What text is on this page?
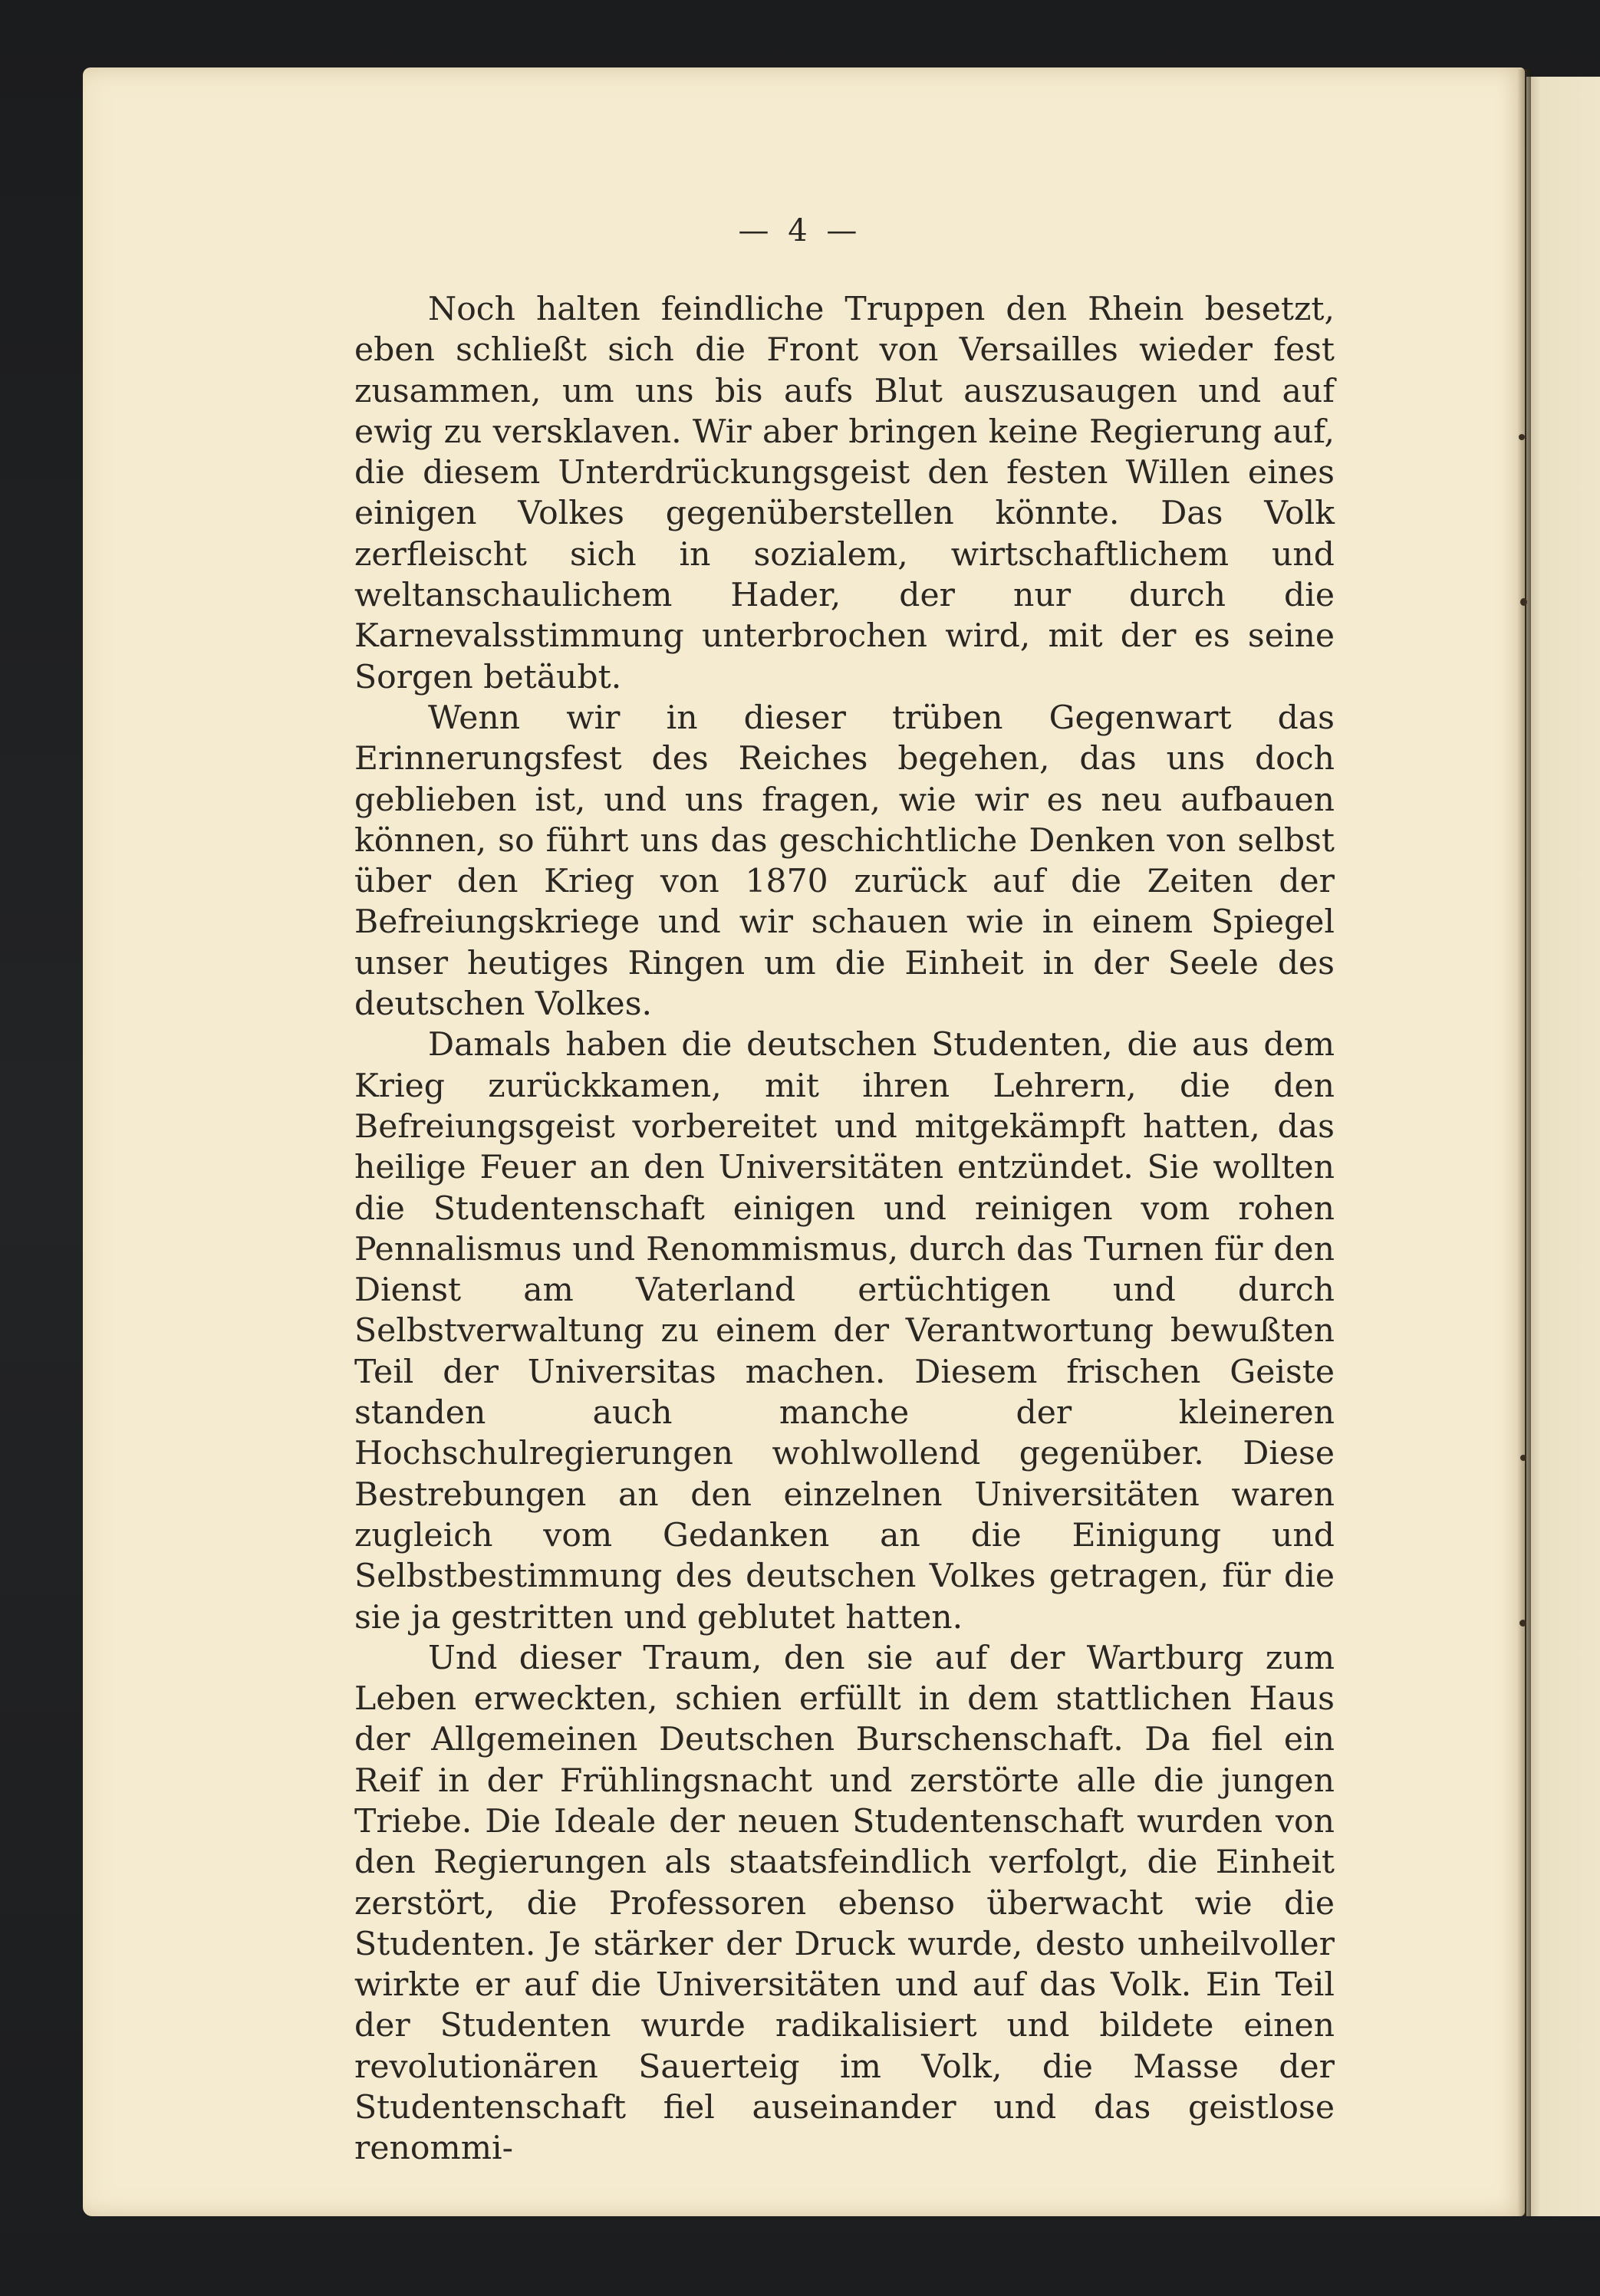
— 4 —

Noch halten feindliche Truppen den Rhein besetzt, eben schließt sich die Front von Versailles wieder fest zusammen, um uns bis aufs Blut auszusaugen und auf ewig zu versklaven. Wir aber bringen keine Regierung auf, die diesem Unterdrückungsgeist den festen Willen eines einigen Volkes gegenüberstellen könnte. Das Volk zerfleischt sich in sozialem, wirtschaftlichem und weltanschaulichem Hader, der nur durch die Karnevalsstimmung unterbrochen wird, mit der es seine Sorgen betäubt.

Wenn wir in dieser trüben Gegenwart das Erinnerungsfest des Reiches begehen, das uns doch geblieben ist, und uns fragen, wie wir es neu aufbauen können, so führt uns das geschichtliche Denken von selbst über den Krieg von 1870 zurück auf die Zeiten der Befreiungskriege und wir schauen wie in einem Spiegel unser heutiges Ringen um die Einheit in der Seele des deutschen Volkes.

Damals haben die deutschen Studenten, die aus dem Krieg zurückkamen, mit ihren Lehrern, die den Befreiungsgeist vorbereitet und mitgekämpft hatten, das heilige Feuer an den Universitäten entzündet. Sie wollten die Studentenschaft einigen und reinigen vom rohen Pennalismus und Renommismus, durch das Turnen für den Dienst am Vaterland ertüchtigen und durch Selbstverwaltung zu einem der Verantwortung bewußten Teil der Universitas machen. Diesem frischen Geiste standen auch manche der kleineren Hochschulregierungen wohlwollend gegenüber. Diese Bestrebungen an den einzelnen Universitäten waren zugleich vom Gedanken an die Einigung und Selbstbestimmung des deutschen Volkes getragen, für die sie ja gestritten und geblutet hatten.

Und dieser Traum, den sie auf der Wartburg zum Leben erweckten, schien erfüllt in dem stattlichen Haus der Allgemeinen Deutschen Burschenschaft. Da fiel ein Reif in der Frühlingsnacht und zerstörte alle die jungen Triebe. Die Ideale der neuen Studentenschaft wurden von den Regierungen als staatsfeindlich verfolgt, die Einheit zerstört, die Professoren ebenso überwacht wie die Studenten. Je stärker der Druck wurde, desto unheilvoller wirkte er auf die Universitäten und auf das Volk. Ein Teil der Studenten wurde radikalisiert und bildete einen revolutionären Sauerteig im Volk, die Masse der Studentenschaft fiel auseinander und das geistlose renommi-
